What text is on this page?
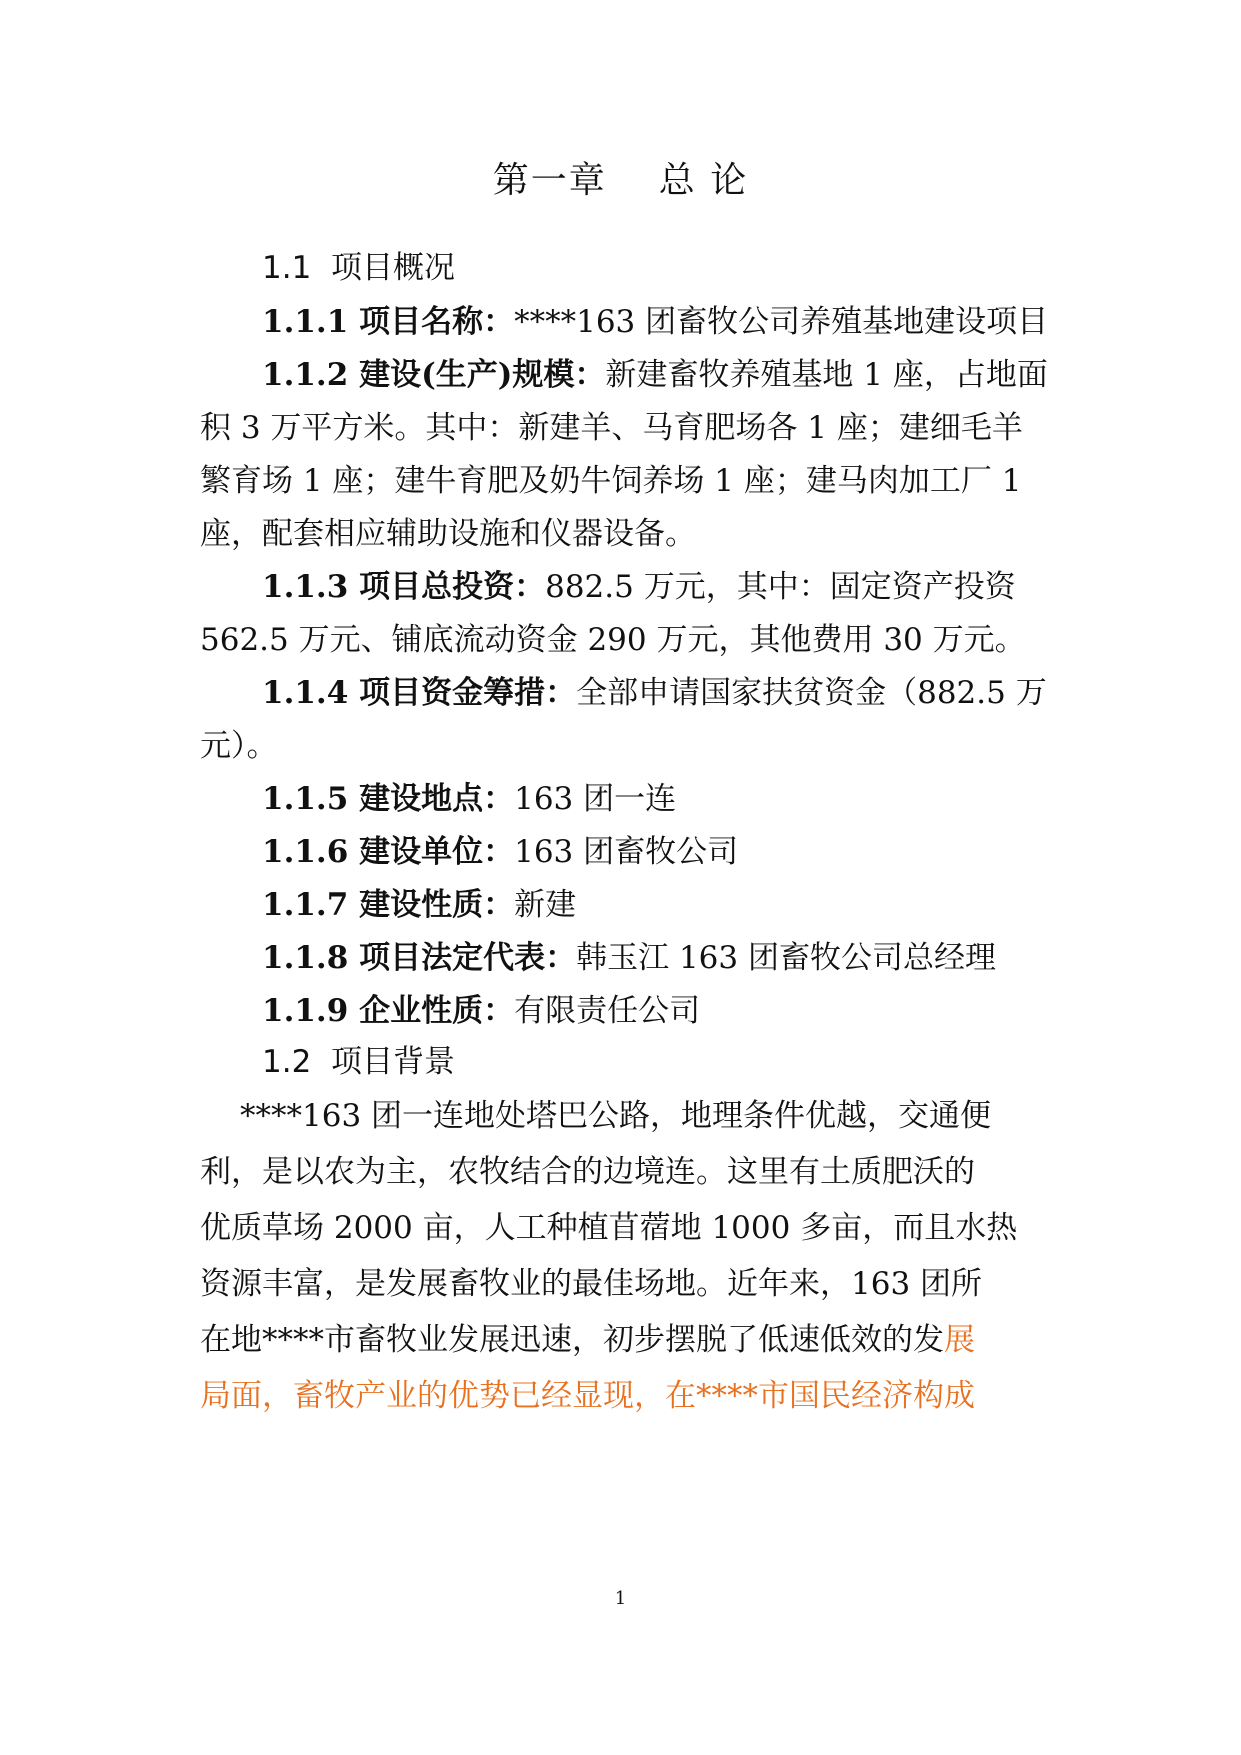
第一章 总 论
1.1 项目概况
1.1.1 项目名称：****163 团畜牧公司养殖基地建设项目
1.1.2 建设(生产)规模：新建畜牧养殖基地 1 座，占地面
积 3 万平方米。其中：新建羊、马育肥场各 1 座；建细毛羊
繁育场 1 座；建牛育肥及奶牛饲养场 1 座；建马肉加工厂 1
座，配套相应辅助设施和仪器设备。
1.1.3 项目总投资：882.5 万元，其中：固定资产投资
562.5 万元、铺底流动资金 290 万元，其他费用 30 万元。
1.1.4 项目资金筹措：全部申请国家扶贫资金（882.5 万
元）。
1.1.5 建设地点：163 团一连
1.1.6 建设单位：163 团畜牧公司
1.1.7 建设性质：新建
1.1.8 项目法定代表：韩玉江 163 团畜牧公司总经理
1.1.9 企业性质：有限责任公司
1.2 项目背景
****163 团一连地处塔巴公路，地理条件优越，交通便
利，是以农为主，农牧结合的边境连。这里有土质肥沃的
优质草场 2000 亩，人工种植苜蓿地 1000 多亩，而且水热
资源丰富，是发展畜牧业的最佳场地。近年来，163 团所
在地****市畜牧业发展迅速，初步摆脱了低速低效的发展
局面，畜牧产业的优势已经显现，在****市国民经济构成
1
